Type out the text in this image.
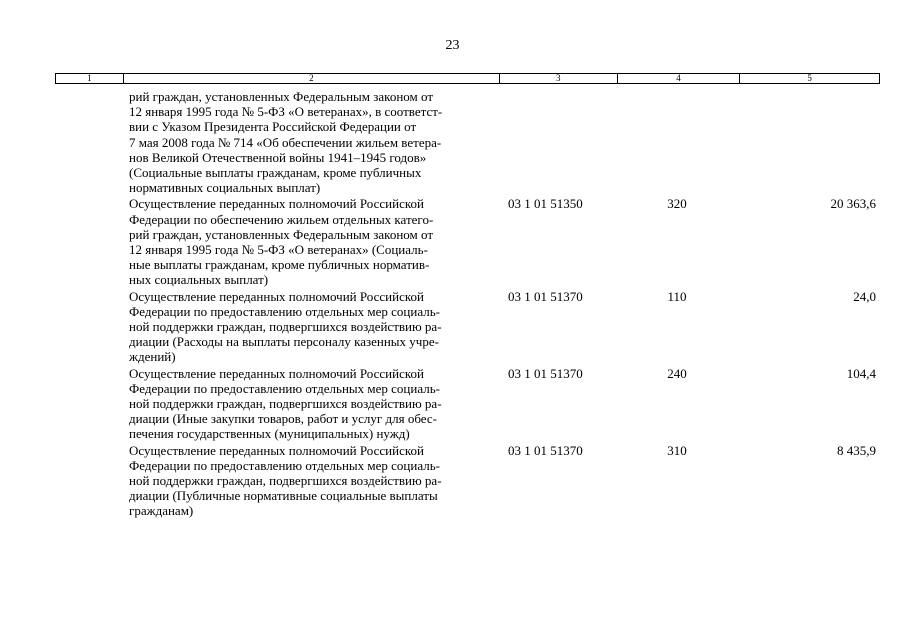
23
1	2	3	4	5
рий граждан, установленных Федеральным законом от
12 января 1995 года № 5-ФЗ «О ветеранах», в соответст-
вии с Указом Президента Российской Федерации от
7 мая 2008 года № 714 «Об обеспечении жильем ветера-
нов Великой Отечественной войны 1941–1945 годов»
(Социальные выплаты гражданам, кроме публичных
нормативных социальных выплат)
Осуществление переданных полномочий Российской
Федерации по обеспечению жильем отдельных катего-
рий граждан, установленных Федеральным законом от
12 января 1995 года № 5-ФЗ «О ветеранах» (Социаль-
ные выплаты гражданам, кроме публичных норматив-
ных социальных выплат)
03 1 01 51350	320	20 363,6
Осуществление переданных полномочий Российской
Федерации по предоставлению отдельных мер социаль-
ной поддержки граждан, подвергшихся воздействию ра-
диации (Расходы на выплаты персоналу казенных учре-
ждений)
03 1 01 51370	110	24,0
Осуществление переданных полномочий Российской
Федерации по предоставлению отдельных мер социаль-
ной поддержки граждан, подвергшихся воздействию ра-
диации (Иные закупки товаров, работ и услуг для обес-
печения государственных (муниципальных) нужд)
03 1 01 51370	240	104,4
Осуществление переданных полномочий Российской
Федерации по предоставлению отдельных мер социаль-
ной поддержки граждан, подвергшихся воздействию ра-
диации (Публичные нормативные социальные выплаты
гражданам)
03 1 01 51370	310	8 435,9
